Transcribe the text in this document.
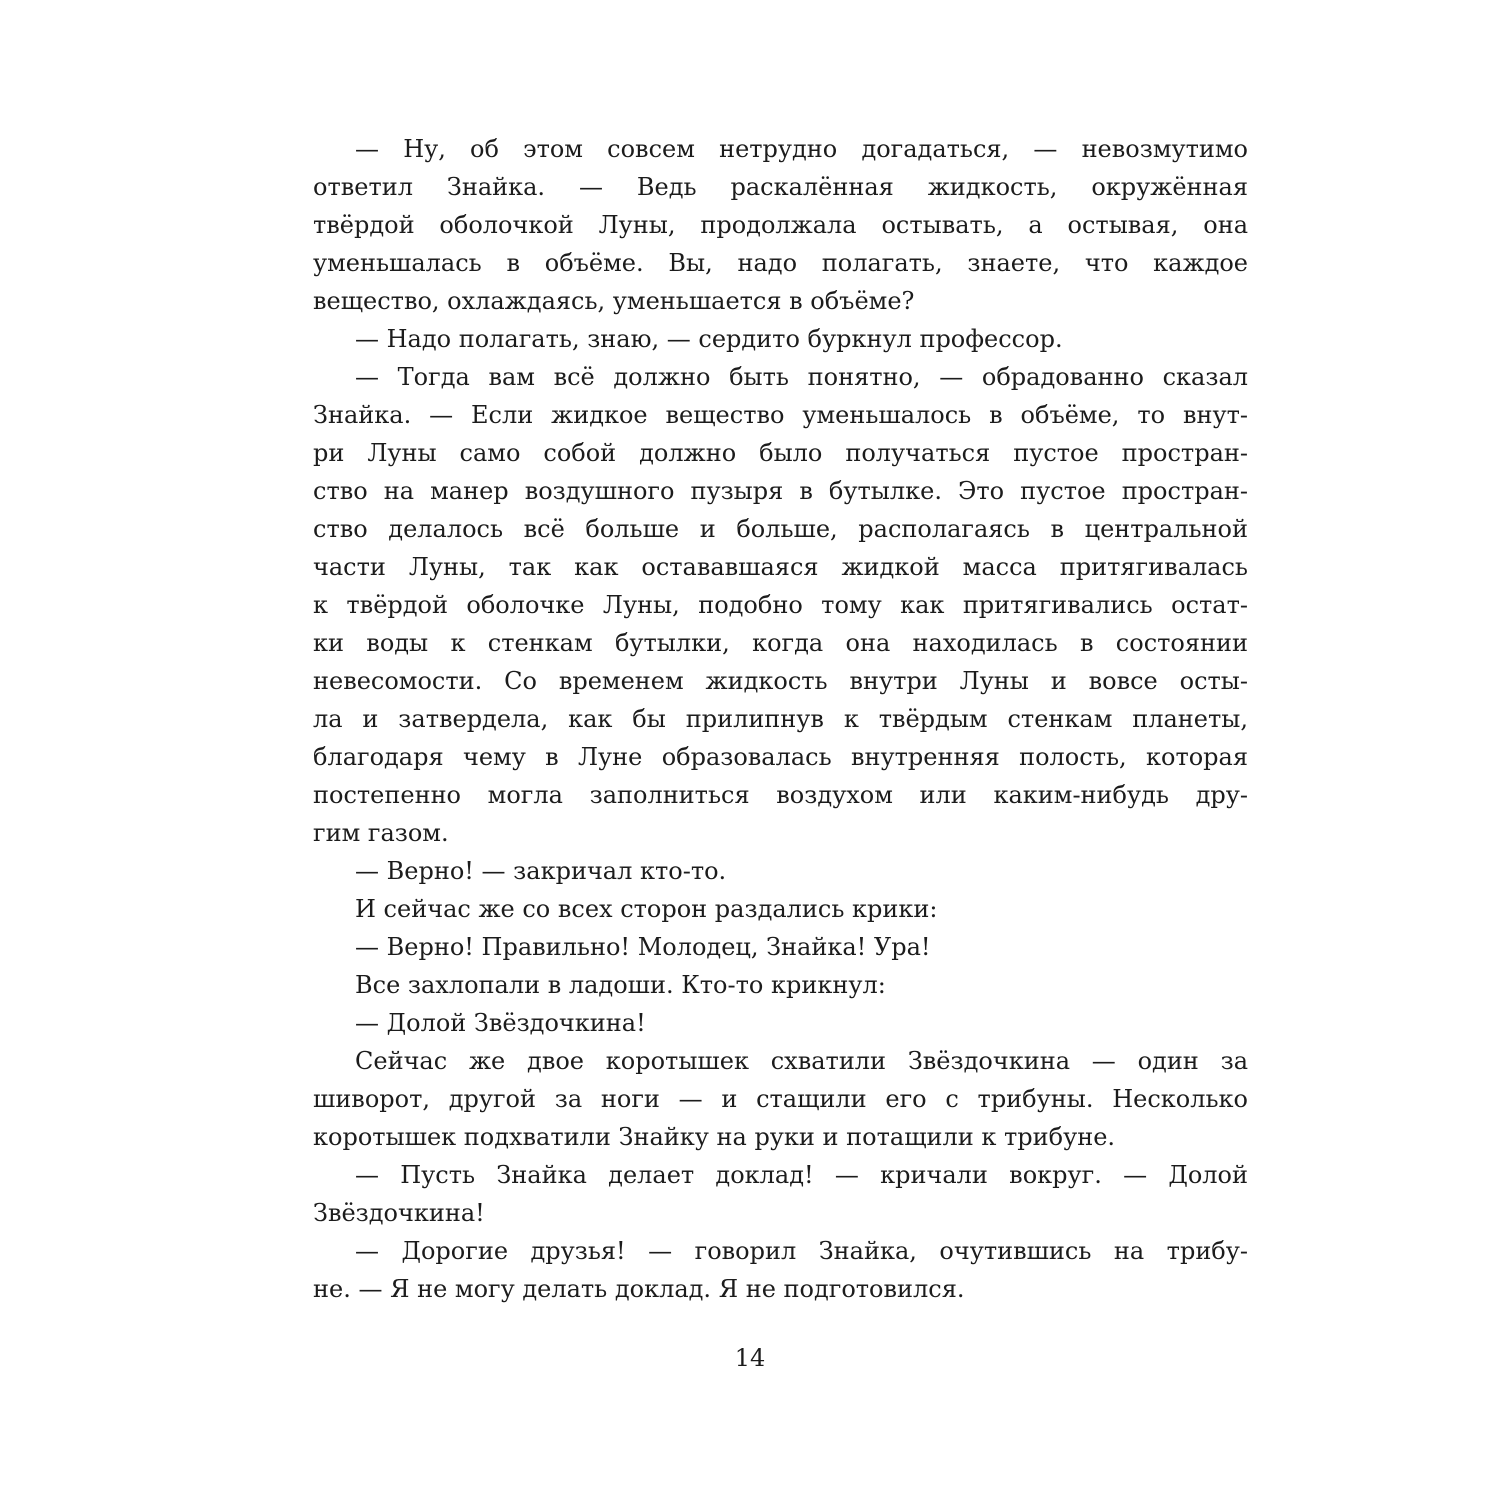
— Ну, об этом совсем нетрудно догадаться, — невозмутимо
ответил Знайка. — Ведь раскалённая жидкость, окружённая
твёрдой оболочкой Луны, продолжала остывать, а остывая, она
уменьшалась в объёме. Вы, надо полагать, знаете, что каждое
вещество, охлаждаясь, уменьшается в объёме?
— Надо полагать, знаю, — сердито буркнул профессор.
— Тогда вам всё должно быть понятно, — обрадованно сказал
Знайка. — Если жидкое вещество уменьшалось в объёме, то внут-
ри Луны само собой должно было получаться пустое простран-
ство на манер воздушного пузыря в бутылке. Это пустое простран-
ство делалось всё больше и больше, располагаясь в центральной
части Луны, так как остававшаяся жидкой масса притягивалась
к твёрдой оболочке Луны, подобно тому как притягивались остат-
ки воды к стенкам бутылки, когда она находилась в состоянии
невесомости. Со временем жидкость внутри Луны и вовсе осты-
ла и затвердела, как бы прилипнув к твёрдым стенкам планеты,
благодаря чему в Луне образовалась внутренняя полость, которая
постепенно могла заполниться воздухом или каким-нибудь дру-
гим газом.
— Верно! — закричал кто-то.
И сейчас же со всех сторон раздались крики:
— Верно! Правильно! Молодец, Знайка! Ура!
Все захлопали в ладоши. Кто-то крикнул:
— Долой Звёздочкина!
Сейчас же двое коротышек схватили Звёздочкина — один за
шиворот, другой за ноги — и стащили его с трибуны. Несколько
коротышек подхватили Знайку на руки и потащили к трибуне.
— Пусть Знайка делает доклад! — кричали вокруг. — Долой
Звёздочкина!
— Дорогие друзья! — говорил Знайка, очутившись на трибу-
не. — Я не могу делать доклад. Я не подготовился.
14
